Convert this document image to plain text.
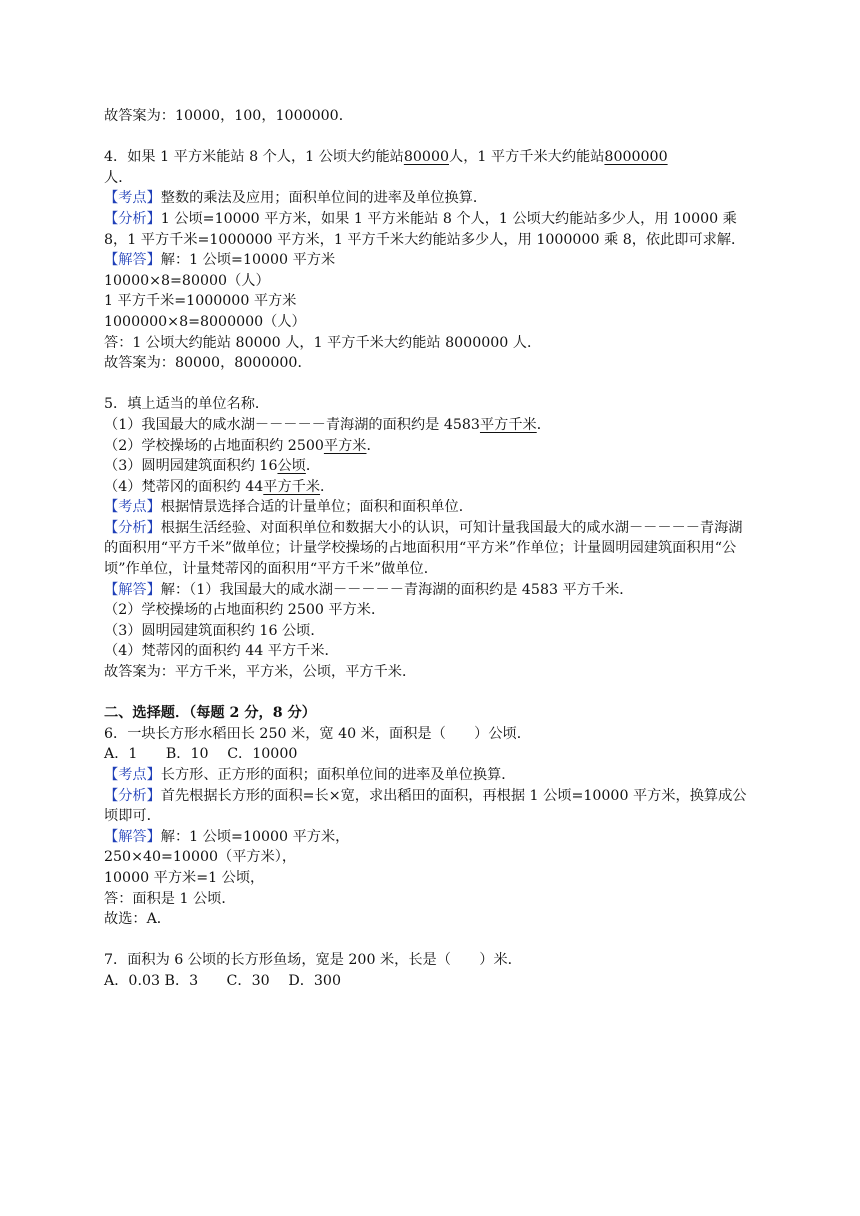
故答案为：10000，100，1000000．
4．如果 1 平方米能站 8 个人，1 公顷大约能站80000人，1 平方千米大约能站8000000
人．
【考点】整数的乘法及应用；面积单位间的进率及单位换算．
【分析】1 公顷=10000 平方米，如果 1 平方米能站 8 个人，1 公顷大约能站多少人，用 10000 乘 8，1 平方千米=1000000 平方米，1 平方千米大约能站多少人，用 1000000 乘 8，依此即可求解．
【解答】解：1 公顷=10000 平方米
10000×8=80000（人）
1 平方千米=1000000 平方米
1000000×8=8000000（人）
答：1 公顷大约能站 80000 人，1 平方千米大约能站 8000000 人．
故答案为：80000，8000000．
5．填上适当的单位名称．
（1）我国最大的咸水湖－－－－－青海湖的面积约是 4583平方千米．
（2）学校操场的占地面积约 2500平方米．
（3）圆明园建筑面积约 16公顷．
（4）梵蒂冈的面积约 44平方千米．
【考点】根据情景选择合适的计量单位；面积和面积单位．
【分析】根据生活经验、对面积单位和数据大小的认识，可知计量我国最大的咸水湖－－－－－青海湖的面积用“平方千米”做单位；计量学校操场的占地面积用“平方米”作单位；计量圆明园建筑面积用“公顷”作单位，计量梵蒂冈的面积用“平方千米”做单位．
【解答】解：（1）我国最大的咸水湖－－－－－青海湖的面积约是 4583 平方千米．
（2）学校操场的占地面积约 2500 平方米．
（3）圆明园建筑面积约 16 公顷．
（4）梵蒂冈的面积约 44 平方千米．
故答案为：平方千米，平方米，公顷，平方千米．
二、选择题．（每题 2 分，8 分）
6．一块长方形水稻田长 250 米，宽 40 米，面积是（　　）公顷．
A．1　　B．10　 C．10000
【考点】长方形、正方形的面积；面积单位间的进率及单位换算．
【分析】首先根据长方形的面积=长×宽，求出稻田的面积，再根据 1 公顷=10000 平方米，换算成公顷即可．
【解答】解：1 公顷=10000 平方米，
250×40=10000（平方米），
10000 平方米=1 公顷，
答：面积是 1 公顷．
故选：A．
7．面积为 6 公顷的长方形鱼场，宽是 200 米，长是（　　）米．
A．0.03 B．3　　C．30　 D．300
